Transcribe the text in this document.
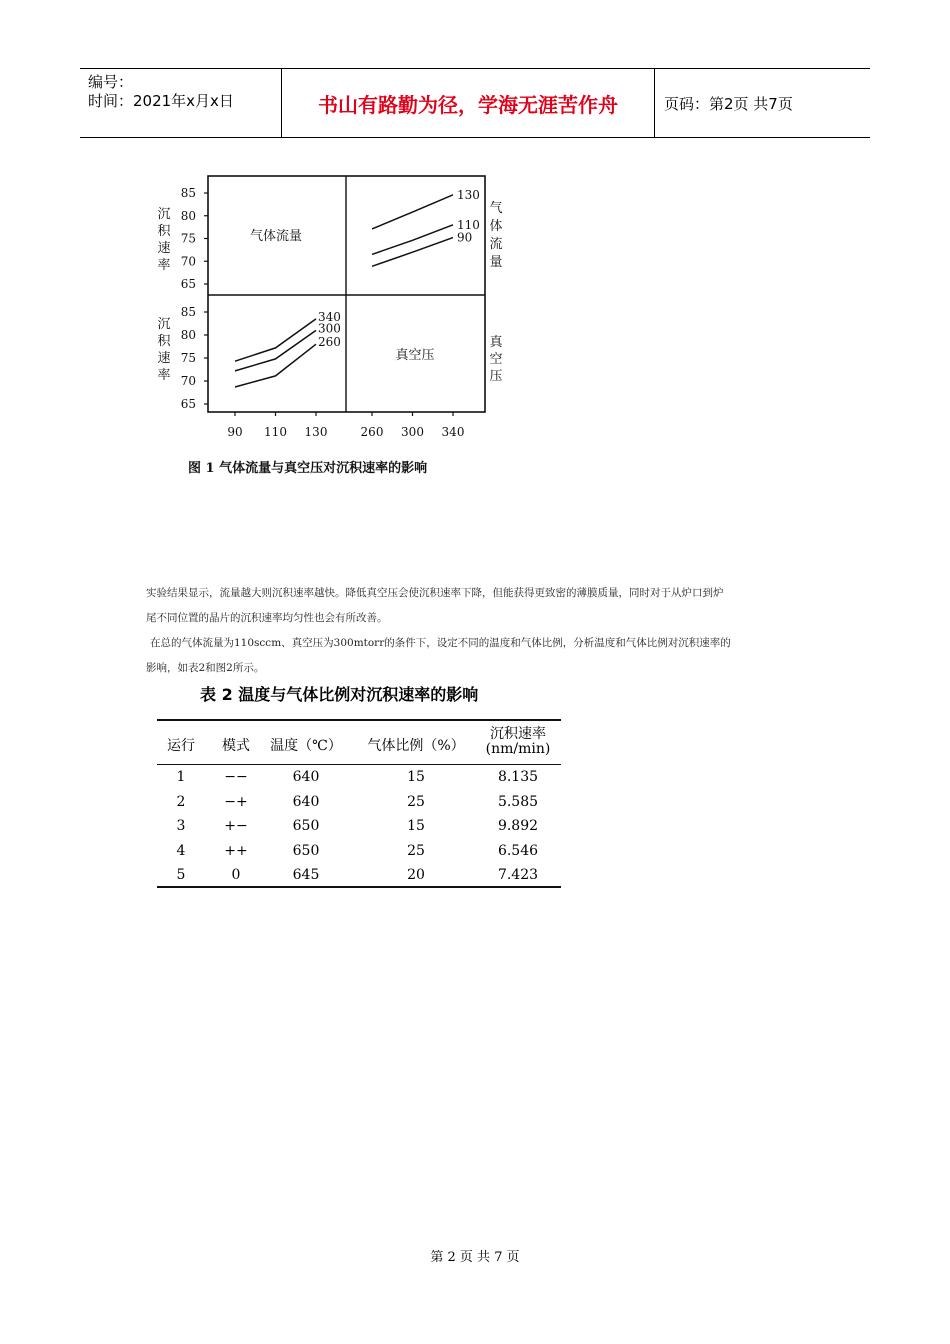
编号：
时间：2021年x月x日	书山有路勤为径，学海无涯苦作舟	页码：第2页 共7页
85
85
80
80
75
75
70
70
65
65
90 110 130	260 300 340
沉
沉
积
积
速
速
率
率
气
体
流
量
真
空
压
气体流量
真空压
130
110
90
340
300
260
图 1 气体流量与真空压对沉积速率的影响
实验结果显示，流量越大则沉积速率越快。降低真空压会使沉积速率下降，但能获得更致密的薄膜质量，同时对于从炉口到炉
尾不同位置的晶片的沉积速率均匀性也会有所改善。
在总的气体流量为110sccm、真空压为300mtorr的条件下，设定不同的温度和气体比例，分析温度和气体比例对沉积速率的
影响，如表2和图2所示。
表 2 温度与气体比例对沉积速率的影响
运行	模式	温度（℃）	气体比例（%）
沉积速率
(nm/min)
1	−−	640	15	8.135
2	−+	640	25	5.585
3	+−	650	15	9.892
4	++	650	25	6.546
5	0	645	20	7.423
第 2 页 共 7 页
